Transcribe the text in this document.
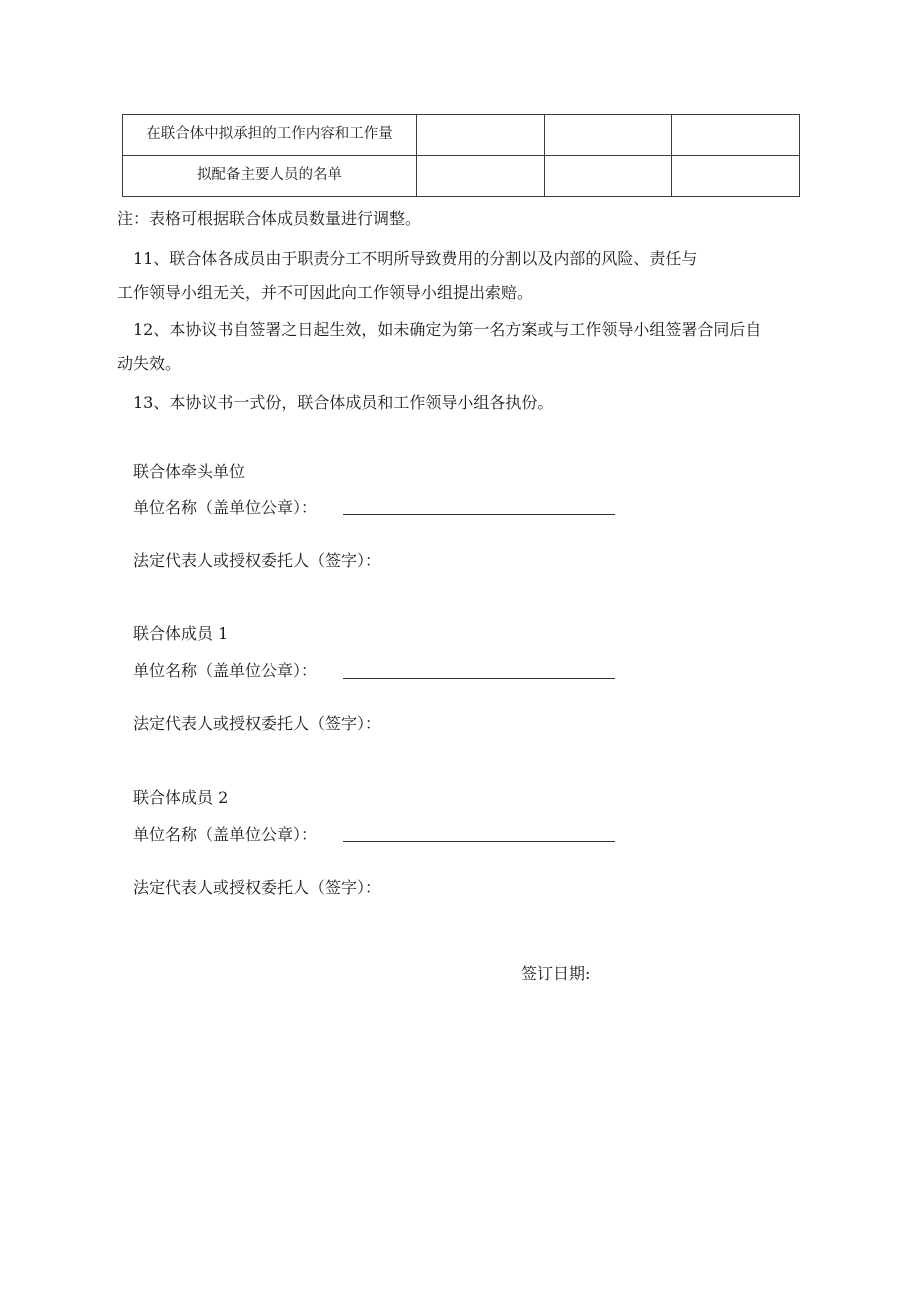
在联合体中拟承担的工作内容和工作量			
拟配备主要人员的名单			
注：表格可根据联合体成员数量进行调整。
11、联合体各成员由于职责分工不明所导致费用的分割以及内部的风险、责任与
工作领导小组无关，并不可因此向工作领导小组提出索赔。
12、本协议书自签署之日起生效，如未确定为第一名方案或与工作领导小组签署合同后自
动失效。
13、本协议书一式份，联合体成员和工作领导小组各执份。
联合体牵头单位
单位名称（盖单位公章）：
法定代表人或授权委托人（签字）：
联合体成员 1
单位名称（盖单位公章）：
法定代表人或授权委托人（签字）：
联合体成员 2
单位名称（盖单位公章）：
法定代表人或授权委托人（签字）：
签订日期:
